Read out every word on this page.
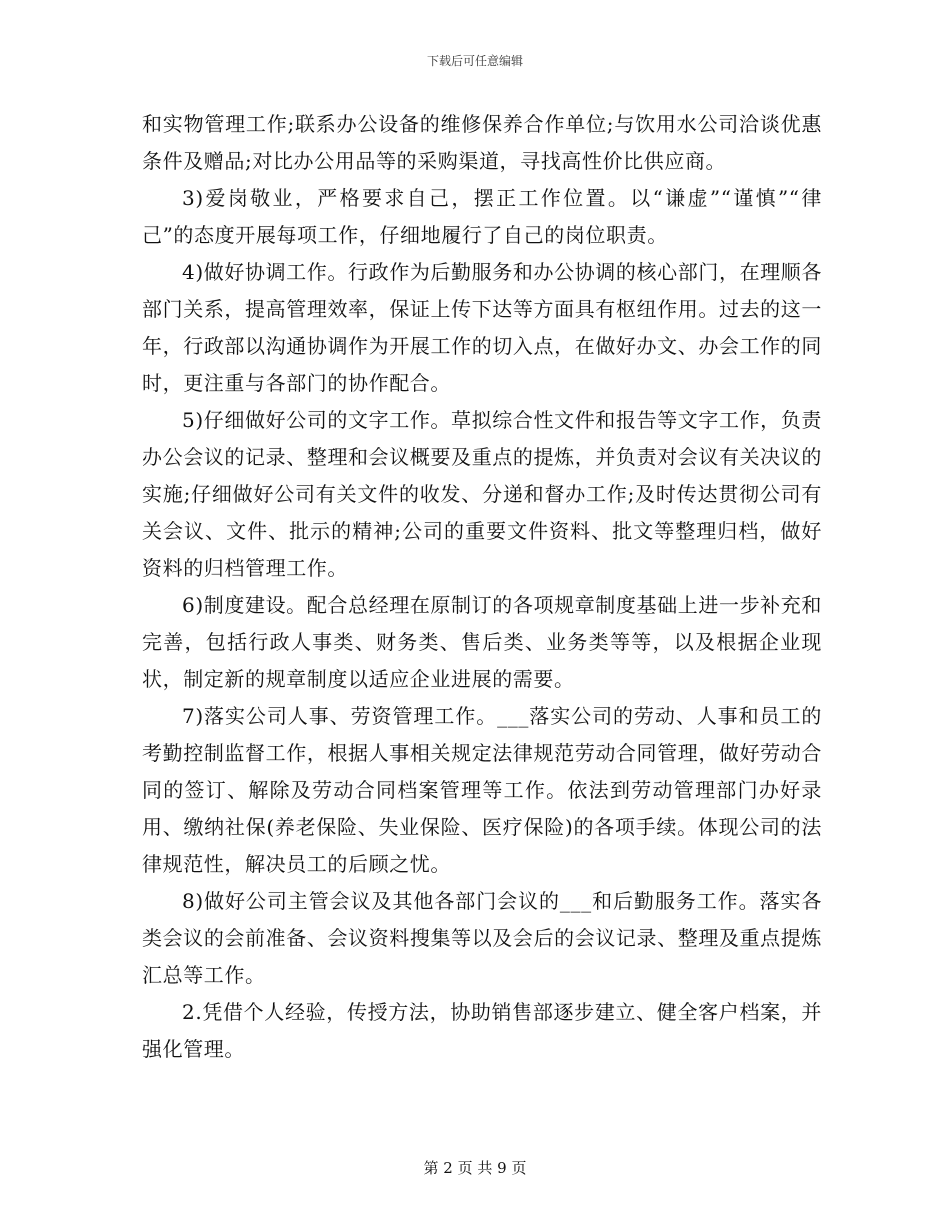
下载后可任意编辑

和实物管理工作;联系办公设备的维修保养合作单位;与饮用水公司洽谈优惠条件及赠品;对比办公用品等的采购渠道，寻找高性价比供应商。

3)爱岗敬业，严格要求自己，摆正工作位置。以“谦虚”“谨慎”“律己”的态度开展每项工作，仔细地履行了自己的岗位职责。

4)做好协调工作。行政作为后勤服务和办公协调的核心部门，在理顺各部门关系，提高管理效率，保证上传下达等方面具有枢纽作用。过去的这一年，行政部以沟通协调作为开展工作的切入点，在做好办文、办会工作的同时，更注重与各部门的协作配合。

5)仔细做好公司的文字工作。草拟综合性文件和报告等文字工作，负责办公会议的记录、整理和会议概要及重点的提炼，并负责对会议有关决议的实施;仔细做好公司有关文件的收发、分递和督办工作;及时传达贯彻公司有关会议、文件、批示的精神;公司的重要文件资料、批文等整理归档，做好资料的归档管理工作。

6)制度建设。配合总经理在原制订的各项规章制度基础上进一步补充和完善，包括行政人事类、财务类、售后类、业务类等等，以及根据企业现状，制定新的规章制度以适应企业进展的需要。

7)落实公司人事、劳资管理工作。___落实公司的劳动、人事和员工的考勤控制监督工作，根据人事相关规定法律规范劳动合同管理，做好劳动合同的签订、解除及劳动合同档案管理等工作。依法到劳动管理部门办好录用、缴纳社保(养老保险、失业保险、医疗保险)的各项手续。体现公司的法律规范性，解决员工的后顾之忧。

8)做好公司主管会议及其他各部门会议的___和后勤服务工作。落实各类会议的会前准备、会议资料搜集等以及会后的会议记录、整理及重点提炼汇总等工作。

2.凭借个人经验，传授方法，协助销售部逐步建立、健全客户档案，并强化管理。

第 2 页 共 9 页
